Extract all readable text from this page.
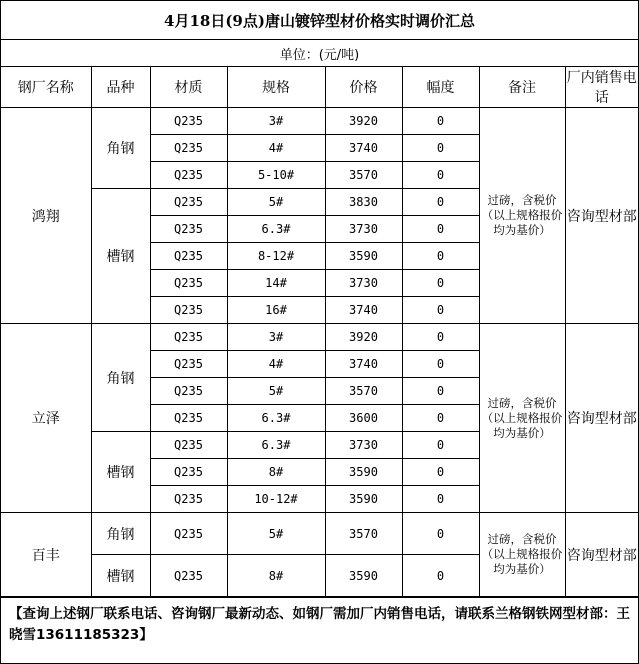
4月18日(9点)唐山镀锌型材价格实时调价汇总
单位：(元/吨)
钢厂名称	品种	材质	规格	价格	幅度	备注	厂内销售电话
鸿翔	角钢	Q235	3#	3920	0	过磅，含税价（以上规格报价均为基价）	咨询型材部
		Q235	4#	3740	0		
		Q235	5-10#	3570	0		
	槽钢	Q235	5#	3830	0		
		Q235	6.3#	3730	0		
		Q235	8-12#	3590	0		
		Q235	14#	3730	0		
		Q235	16#	3740	0		
立泽	角钢	Q235	3#	3920	0	过磅，含税价（以上规格报价均为基价）	咨询型材部
		Q235	4#	3740	0		
		Q235	5#	3570	0		
		Q235	6.3#	3600	0		
	槽钢	Q235	6.3#	3730	0		
		Q235	8#	3590	0		
		Q235	10-12#	3590	0		
百丰	角钢	Q235	5#	3570	0	过磅，含税价（以上规格报价均为基价）	咨询型材部
	槽钢	Q235	8#	3590	0		
【查询上述钢厂联系电话、咨询钢厂最新动态、如钢厂需加厂内销售电话，请联系兰格钢铁网型材部：王晓雪13611185323】
